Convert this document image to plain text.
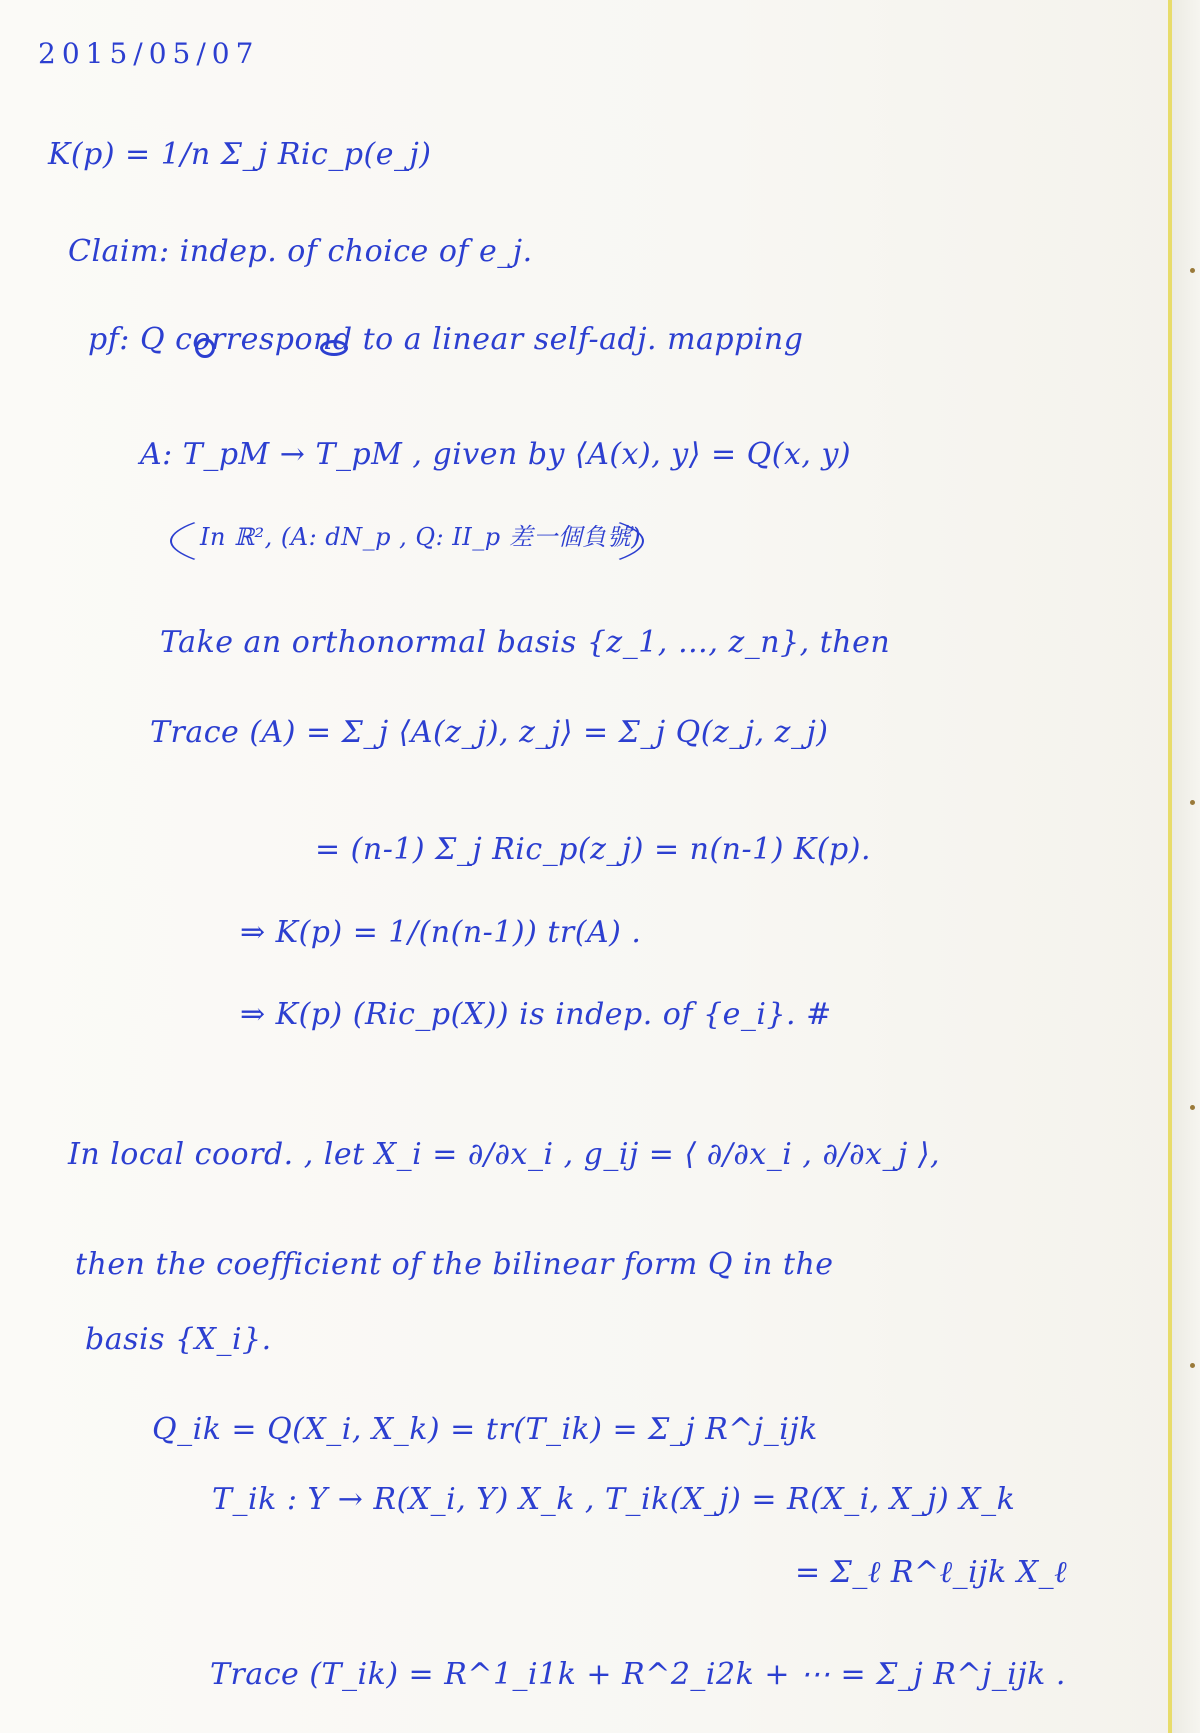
2015/05/07
K(p) = 1/n Σ_j Ric_p(e_j)
Claim: indep. of choice of e_j.
pf: Q correspond to a linear self-adj. mapping
A: T_pM → T_pM , given by ⟨A(x), y⟩ = Q(x, y)
In ℝ², (A: dN_p , Q: II_p 差一個負號)
Take an orthonormal basis {z_1, …, z_n}, then
Trace (A) = Σ_j ⟨A(z_j), z_j⟩ = Σ_j Q(z_j, z_j)
= (n-1) Σ_j Ric_p(z_j) = n(n-1) K(p).
⇒ K(p) = 1/(n(n-1)) tr(A) .
⇒ K(p) (Ric_p(X)) is indep. of {e_i}. #
In local coord. , let X_i = ∂/∂x_i , g_ij = ⟨ ∂/∂x_i , ∂/∂x_j ⟩,
then the coefficient of the bilinear form Q in the
basis {X_i}.
Q_ik = Q(X_i, X_k) = tr(T_ik) = Σ_j R^j_ijk
T_ik : Y → R(X_i, Y) X_k , T_ik(X_j) = R(X_i, X_j) X_k
= Σ_ℓ R^ℓ_ijk X_ℓ
Trace (T_ik) = R^1_i1k + R^2_i2k + ⋯ = Σ_j R^j_ijk .
